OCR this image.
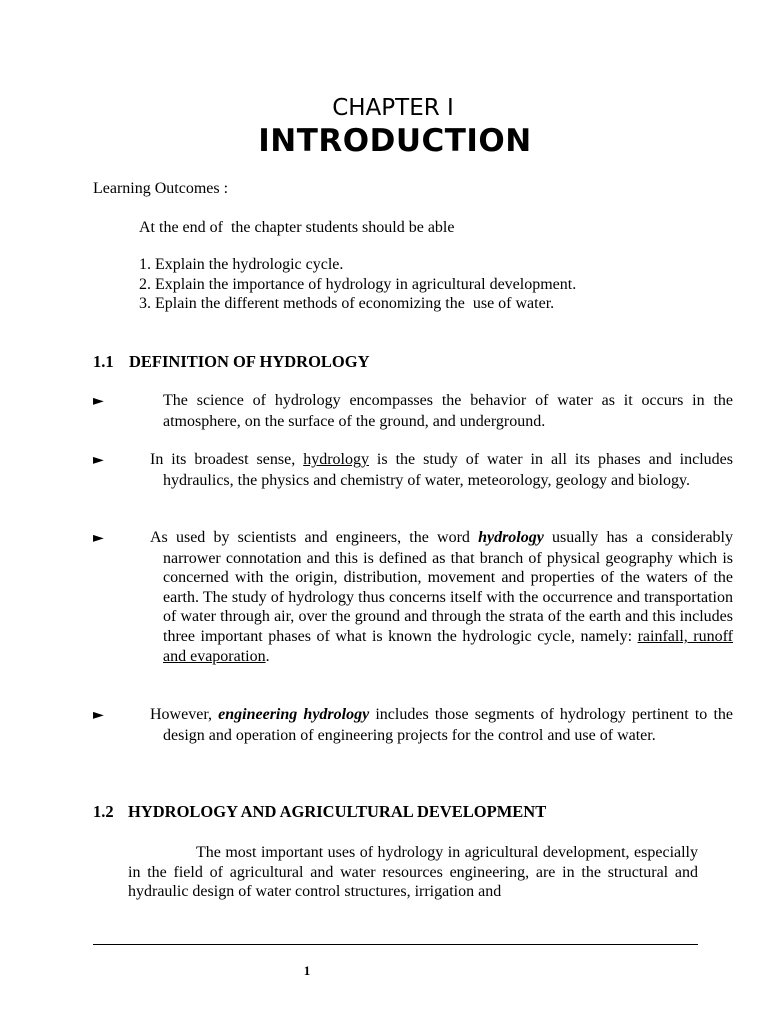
CHAPTER I
INTRODUCTION
Learning Outcomes :
At the end of  the chapter students should be able
1. Explain the hydrologic cycle.
2. Explain the importance of hydrology in agricultural development.
3. Eplain the different methods of economizing the  use of water.
1.1 DEFINITION OF HYDROLOGY
►	The science of hydrology encompasses the behavior of water as it occurs in the atmosphere, on the surface of the ground, and underground.
►	In its broadest sense, hydrology is the study of water in all its phases and includes hydraulics, the physics and chemistry of water, meteorology, geology and biology.
►	As used by scientists and engineers, the word hydrology usually has a considerably narrower connotation and this is defined as that branch of physical geography which is concerned with the origin, distribution, movement and properties of the waters of the earth. The study of hydrology thus concerns itself with the occurrence and transportation of water through air, over the ground and through the strata of the earth and this includes three important phases of what is known the hydrologic cycle, namely: rainfall, runoff and evaporation.
►	However, engineering hydrology includes those segments of hydrology pertinent to the design and operation of engineering projects for the control and use of water.
1.2 HYDROLOGY AND AGRICULTURAL DEVELOPMENT
The most important uses of hydrology in agricultural development, especially in the field of agricultural and water resources engineering, are in the structural and hydraulic design of water control structures, irrigation and
1
